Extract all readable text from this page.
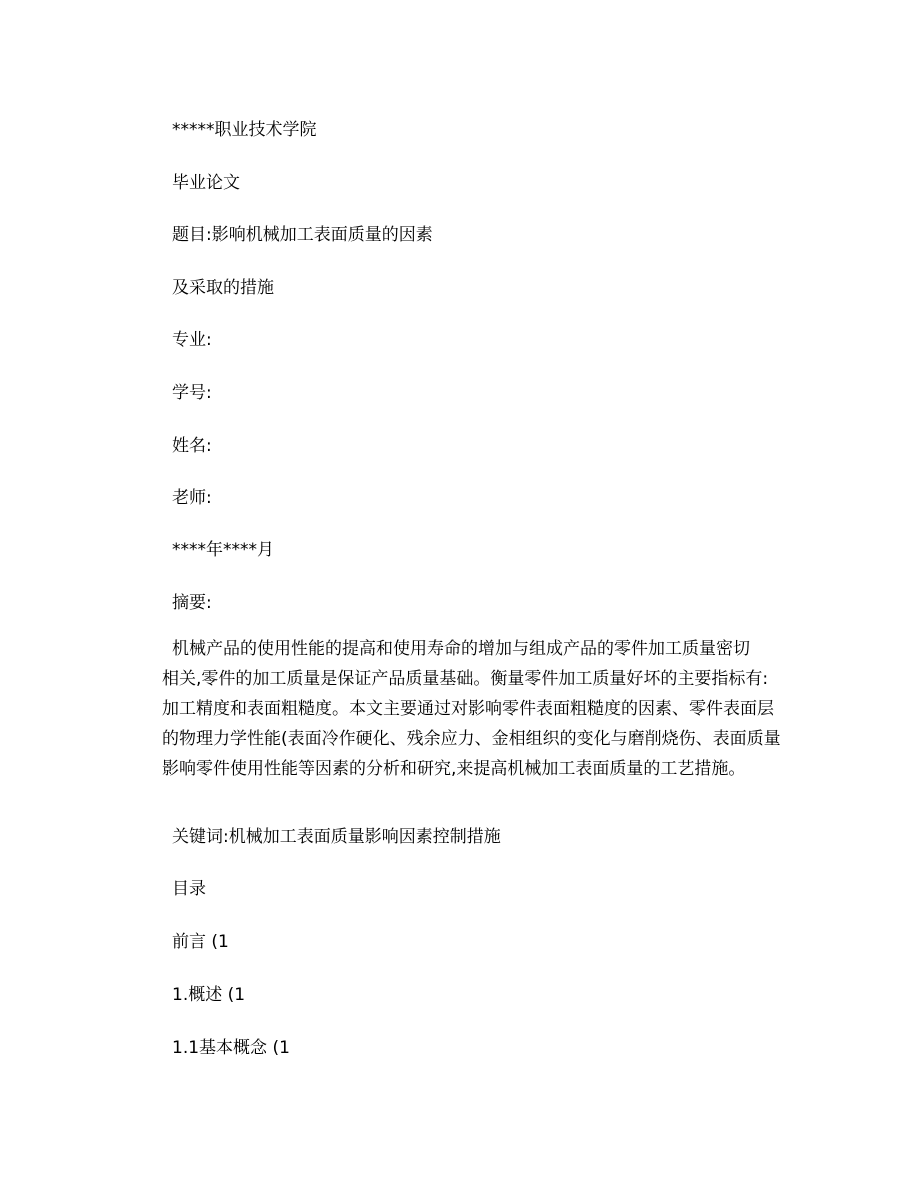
*****职业技术学院
毕业论文
题目:影响机械加工表面质量的因素
及采取的措施
专业:
学号:
姓名:
老师:
****年****月
摘要:
机械产品的使用性能的提高和使用寿命的增加与组成产品的零件加工质量密切
相关,零件的加工质量是保证产品质量基础。衡量零件加工质量好坏的主要指标有:
加工精度和表面粗糙度。本文主要通过对影响零件表面粗糙度的因素、零件表面层
的物理力学性能(表面冷作硬化、残余应力、金相组织的变化与磨削烧伤、表面质量
影响零件使用性能等因素的分析和研究,来提高机械加工表面质量的工艺措施。
关键词:机械加工表面质量影响因素控制措施
目录
前言 (1
1.概述 (1
1.1基本概念 (1
